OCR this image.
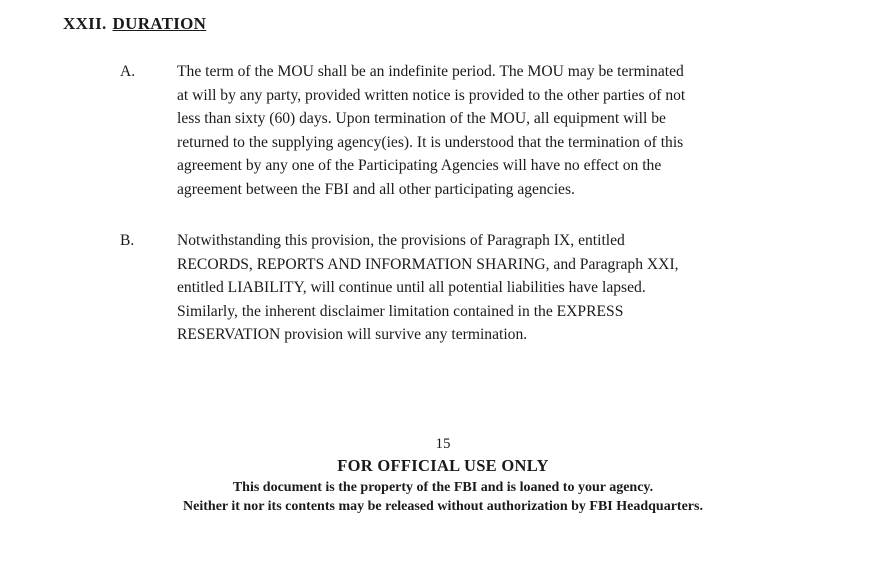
XXII. DURATION
A.	The term of the MOU shall be an indefinite period. The MOU may be terminated
at will by any party, provided written notice is provided to the other parties of not
less than sixty (60) days. Upon termination of the MOU, all equipment will be
returned to the supplying agency(ies). It is understood that the termination of this
agreement by any one of the Participating Agencies will have no effect on the
agreement between the FBI and all other participating agencies.
B.	Notwithstanding this provision, the provisions of Paragraph IX, entitled
RECORDS, REPORTS AND INFORMATION SHARING, and Paragraph XXI,
entitled LIABILITY, will continue until all potential liabilities have lapsed.
Similarly, the inherent disclaimer limitation contained in the EXPRESS
RESERVATION provision will survive any termination.
15
FOR OFFICIAL USE ONLY
This document is the property of the FBI and is loaned to your agency.
Neither it nor its contents may be released without authorization by FBI Headquarters.
